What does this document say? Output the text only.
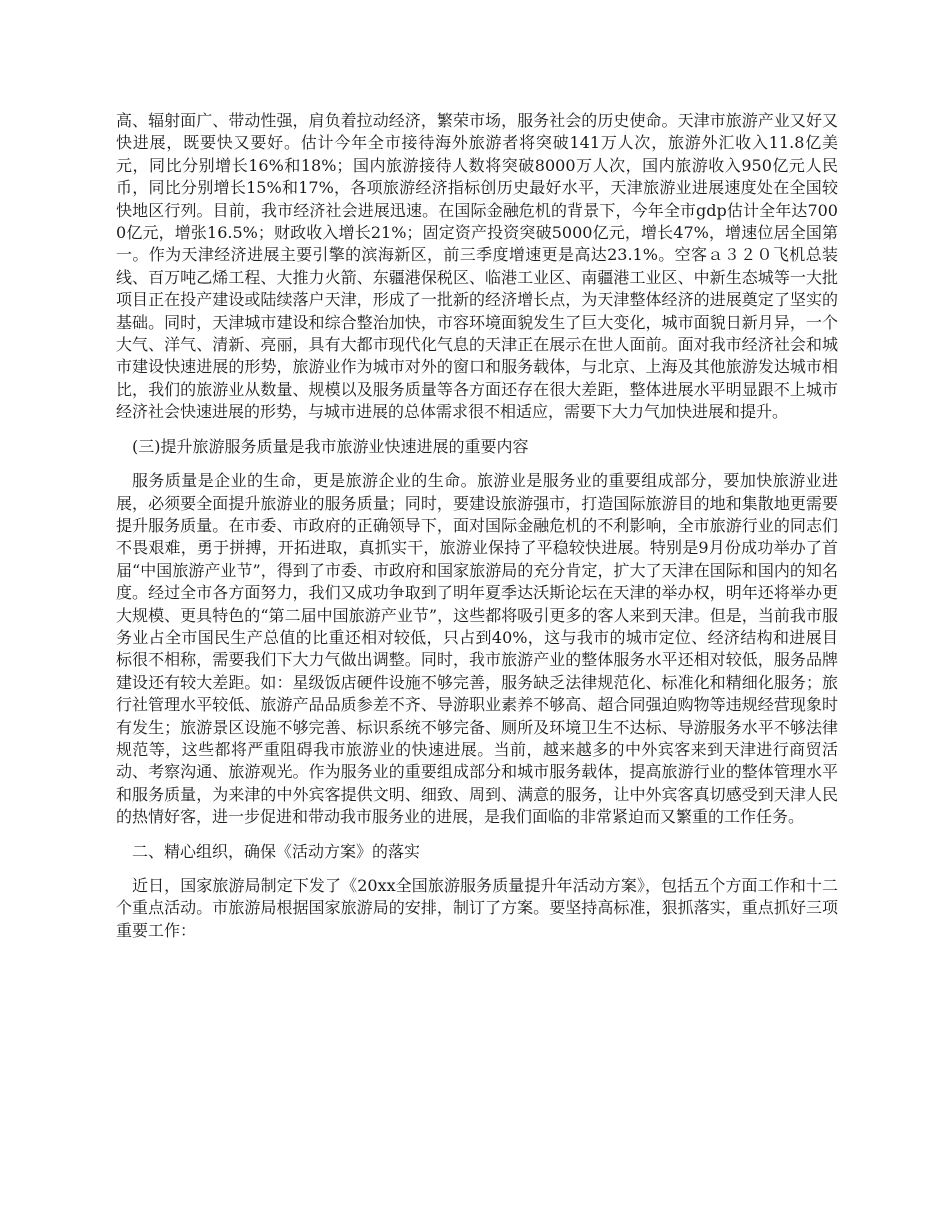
高、辐射面广、带动性强，肩负着拉动经济，繁荣市场，服务社会的历史使命。天津市旅游产业又好又快进展，既要快又要好。估计今年全市接待海外旅游者将突破141万人次，旅游外汇收入11.8亿美元，同比分别增长16%和18%；国内旅游接待人数将突破8000万人次，国内旅游收入950亿元人民币，同比分别增长15%和17%，各项旅游经济指标创历史最好水平，天津旅游业进展速度处在全国较快地区行列。目前，我市经济社会进展迅速。在国际金融危机的背景下，今年全市gdp估计全年达7000亿元，增张16.5%；财政收入增长21%；固定资产投资突破5000亿元，增长47%，增速位居全国第一。作为天津经济进展主要引擎的滨海新区，前三季度增速更是高达23.1%。空客ａ３２０飞机总装线、百万吨乙烯工程、大推力火箭、东疆港保税区、临港工业区、南疆港工业区、中新生态城等一大批项目正在投产建设或陆续落户天津，形成了一批新的经济增长点，为天津整体经济的进展奠定了坚实的基础。同时，天津城市建设和综合整治加快，市容环境面貌发生了巨大变化，城市面貌日新月异，一个大气、洋气、清新、亮丽，具有大都市现代化气息的天津正在展示在世人面前。面对我市经济社会和城市建设快速进展的形势，旅游业作为城市对外的窗口和服务载体，与北京、上海及其他旅游发达城市相比，我们的旅游业从数量、规模以及服务质量等各方面还存在很大差距，整体进展水平明显跟不上城市经济社会快速进展的形势，与城市进展的总体需求很不相适应，需要下大力气加快进展和提升。

(三)提升旅游服务质量是我市旅游业快速进展的重要内容

服务质量是企业的生命，更是旅游企业的生命。旅游业是服务业的重要组成部分，要加快旅游业进展，必须要全面提升旅游业的服务质量；同时，要建设旅游强市，打造国际旅游目的地和集散地更需要提升服务质量。在市委、市政府的正确领导下，面对国际金融危机的不利影响，全市旅游行业的同志们不畏艰难，勇于拼搏，开拓进取，真抓实干，旅游业保持了平稳较快进展。特别是9月份成功举办了首届“中国旅游产业节”，得到了市委、市政府和国家旅游局的充分肯定，扩大了天津在国际和国内的知名度。经过全市各方面努力，我们又成功争取到了明年夏季达沃斯论坛在天津的举办权，明年还将举办更大规模、更具特色的“第二届中国旅游产业节”，这些都将吸引更多的客人来到天津。但是，当前我市服务业占全市国民生产总值的比重还相对较低，只占到40%，这与我市的城市定位、经济结构和进展目标很不相称，需要我们下大力气做出调整。同时，我市旅游产业的整体服务水平还相对较低，服务品牌建设还有较大差距。如：星级饭店硬件设施不够完善，服务缺乏法律规范化、标准化和精细化服务；旅行社管理水平较低、旅游产品品质参差不齐、导游职业素养不够高、超合同强迫购物等违规经营现象时有发生；旅游景区设施不够完善、标识系统不够完备、厕所及环境卫生不达标、导游服务水平不够法律规范等，这些都将严重阻碍我市旅游业的快速进展。当前，越来越多的中外宾客来到天津进行商贸活动、考察沟通、旅游观光。作为服务业的重要组成部分和城市服务载体，提高旅游行业的整体管理水平和服务质量，为来津的中外宾客提供文明、细致、周到、满意的服务，让中外宾客真切感受到天津人民的热情好客，进一步促进和带动我市服务业的进展，是我们面临的非常紧迫而又繁重的工作任务。

二、精心组织，确保《活动方案》的落实

近日，国家旅游局制定下发了《20xx全国旅游服务质量提升年活动方案》，包括五个方面工作和十二个重点活动。市旅游局根据国家旅游局的安排，制订了方案。要坚持高标准，狠抓落实，重点抓好三项重要工作：
